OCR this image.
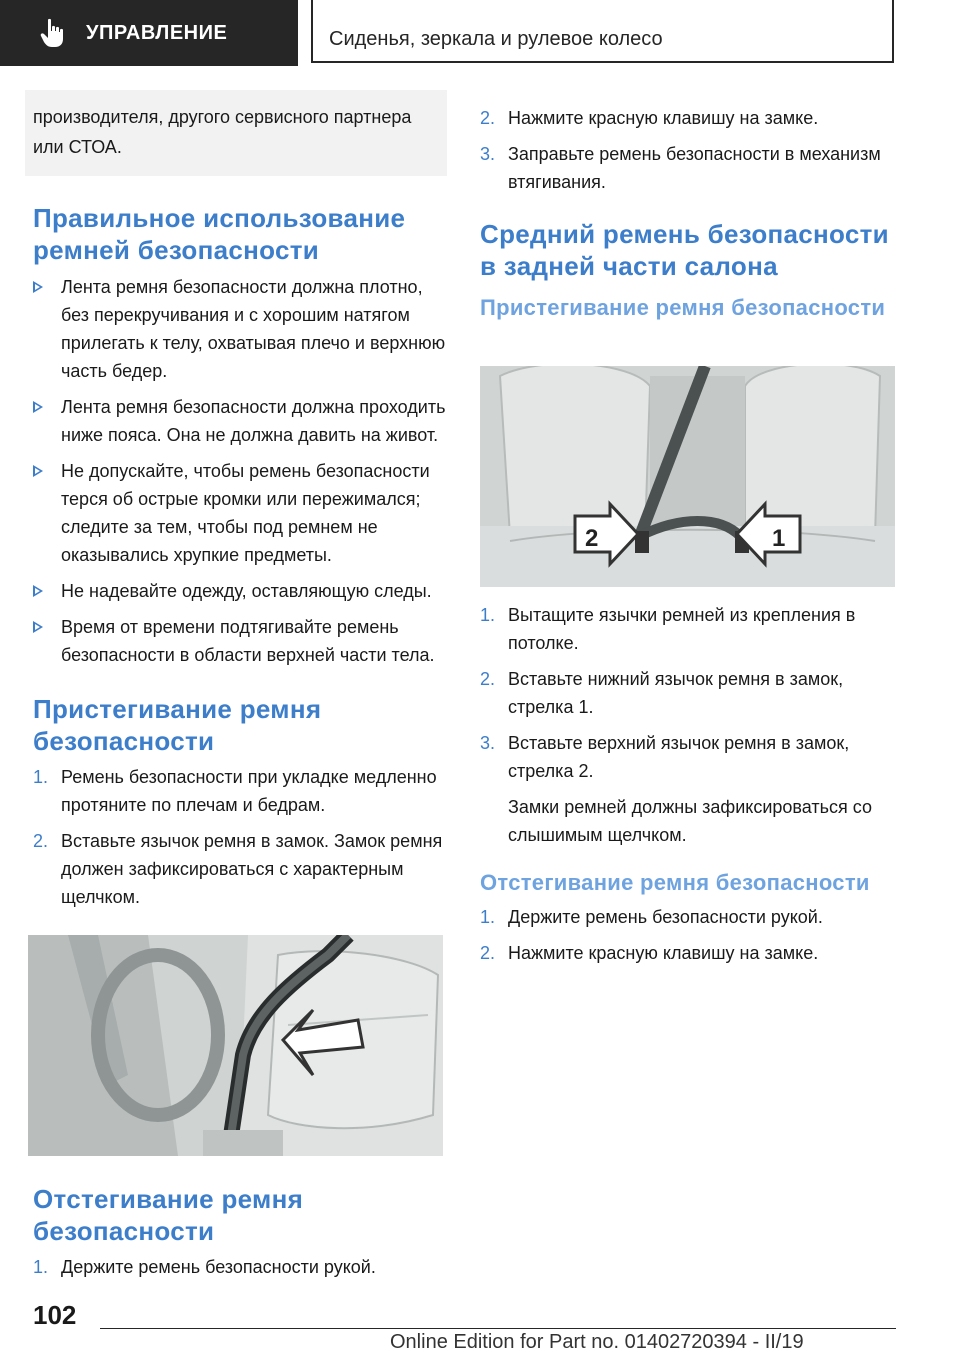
УПРАВЛЕНИЕ	Сиденья, зеркала и рулевое колесо
производителя, другого сервисного партнера или СТОА.
Правильное использование ремней безопасности
Лента ремня безопасности должна плотно, без перекручивания и с хорошим натягом прилегать к телу, охватывая плечо и верхнюю часть бедер.
Лента ремня безопасности должна проходить ниже пояса. Она не должна давить на живот.
Не допускайте, чтобы ремень безопасности терся об острые кромки или пережимался; следите за тем, чтобы под ремнем не оказывались хрупкие предметы.
Не надевайте одежду, оставляющую следы.
Время от времени подтягивайте ремень безопасности в области верхней части тела.
Пристегивание ремня безопасности
1. Ремень безопасности при укладке медленно протяните по плечам и бедрам.
2. Вставьте язычок ремня в замок. Замок ремня должен зафиксироваться с характерным щелчком.
Отстегивание ремня безопасности
1. Держите ремень безопасности рукой.
2. Нажмите красную клавишу на замке.
3. Заправьте ремень безопасности в механизм втягивания.
Средний ремень безопасности в задней части салона
Пристегивание ремня безопасности
2	1
1. Вытащите язычки ремней из крепления в потолке.
2. Вставьте нижний язычок ремня в замок, стрелка 1.
3. Вставьте верхний язычок ремня в замок, стрелка 2.

Замки ремней должны зафиксироваться со слышимым щелчком.

Отстегивание ремня безопасности
1. Держите ремень безопасности рукой.
2. Нажмите красную клавишу на замке.
102
Online Edition for Part no. 01402720394 - II/19
